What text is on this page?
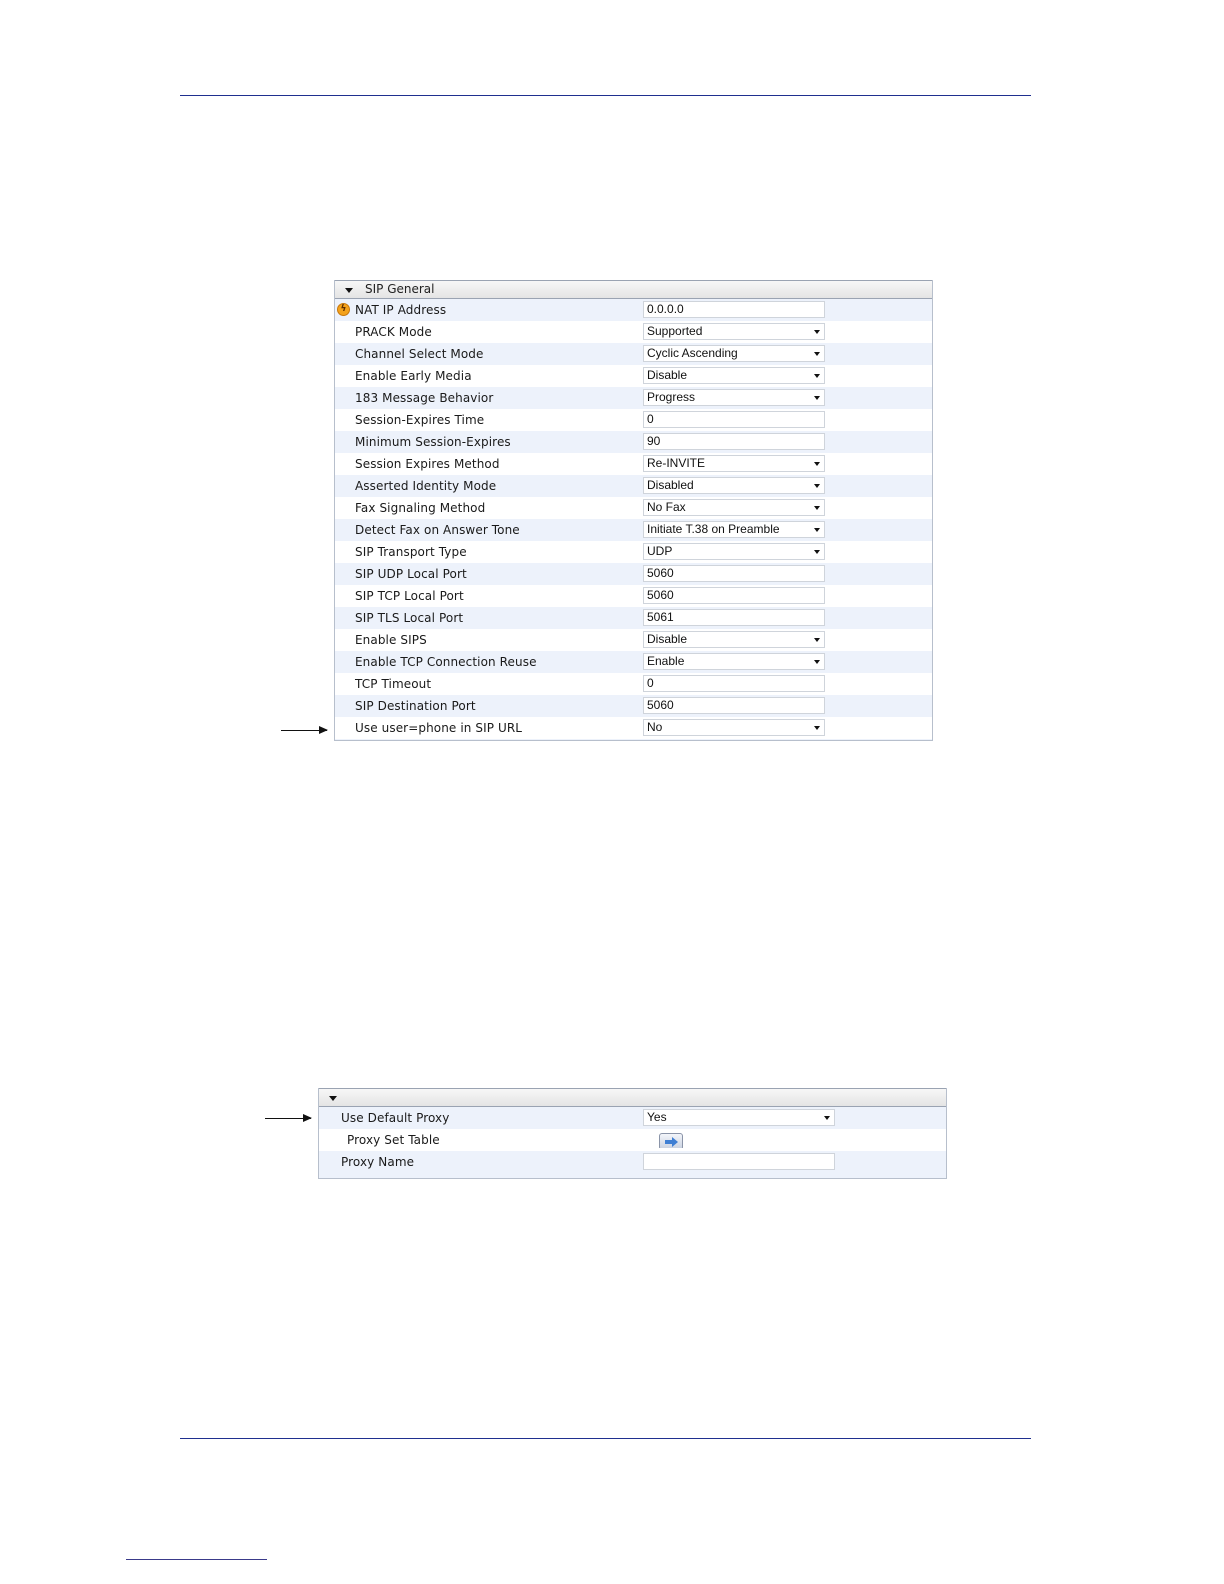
SIP General
ϟ NAT IP Address	0.0.0.0
PRACK Mode	Supported
Channel Select Mode	Cyclic Ascending
Enable Early Media	Disable
183 Message Behavior	Progress
Session-Expires Time	0
Minimum Session-Expires	90
Session Expires Method	Re-INVITE
Asserted Identity Mode	Disabled
Fax Signaling Method	No Fax
Detect Fax on Answer Tone	Initiate T.38 on Preamble
SIP Transport Type	UDP
SIP UDP Local Port	5060
SIP TCP Local Port	5060
SIP TLS Local Port	5061
Enable SIPS	Disable
Enable TCP Connection Reuse	Enable
TCP Timeout	0
SIP Destination Port	5060
Use user=phone in SIP URL	No
Use Default Proxy	Yes
Proxy Set Table
Proxy Name
